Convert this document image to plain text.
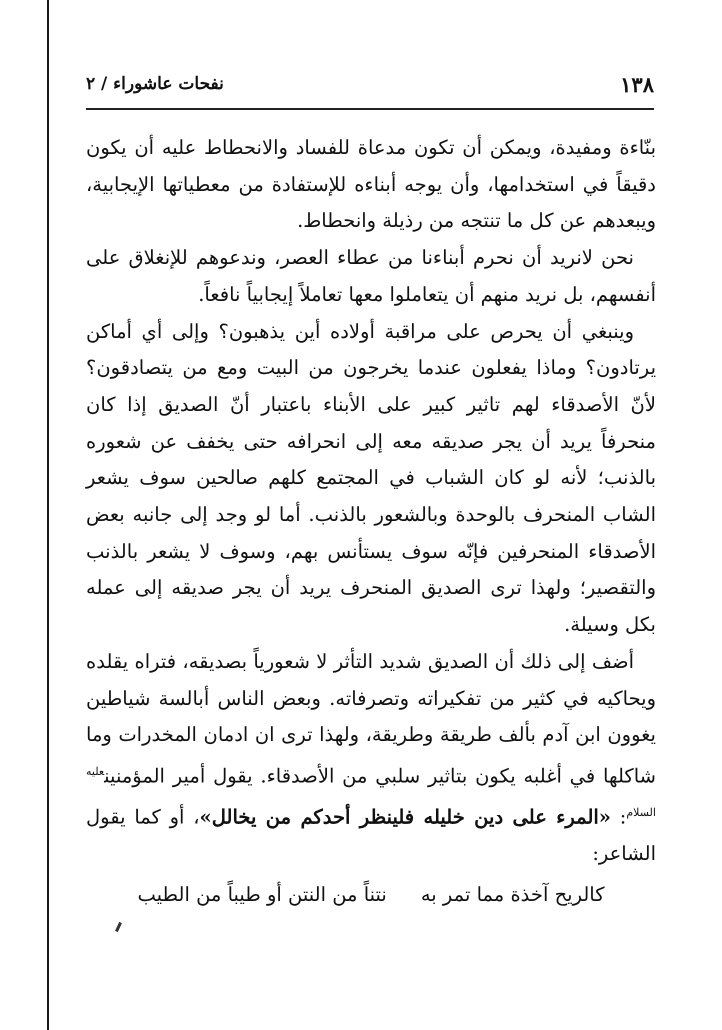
١٣٨
نفحات عاشوراء / ٢

بنّاءة ومفيدة، ويمكن أن تكون مدعاة للفساد والانحطاط عليه أن يكون دقيقاً في استخدامها، وأن يوجه أبناءه للإستفادة من معطياتها الإيجابية، ويبعدهم عن كل ما تنتجه من رذيلة وانحطاط.

نحن لانريد أن نحرم أبناءنا من عطاء العصر، وندعوهم للإنغلاق على أنفسهم، بل نريد منهم أن يتعاملوا معها تعاملاً إيجابياً نافعاً.

وينبغي أن يحرص على مراقبة أولاده أين يذهبون؟ وإلى أي أماكن يرتادون؟ وماذا يفعلون عندما يخرجون من البيت ومع من يتصادقون؟ لأنّ الأصدقاء لهم تاثير كبير على الأبناء باعتبار أنّ الصديق إذا كان منحرفاً يريد أن يجر صديقه معه إلى انحرافه حتى يخفف عن شعوره بالذنب؛ لأنه لو كان الشباب في المجتمع كلهم صالحين سوف يشعر الشاب المنحرف بالوحدة وبالشعور بالذنب. أما لو وجد إلى جانبه بعض الأصدقاء المنحرفين فإنّه سوف يستأنس بهم، وسوف لا يشعر بالذنب والتقصير؛ ولهذا ترى الصديق المنحرف يريد أن يجر صديقه إلى عمله بكل وسيلة.

أضف إلى ذلك أن الصديق شديد التأثر لا شعورياً بصديقه، فتراه يقلده ويحاكيه في كثير من تفكيراته وتصرفاته. وبعض الناس أبالسة شياطين يغوون ابن آدم بألف طريقة وطريقة، ولهذا ترى ان ادمان المخدرات وما شاكلها في أغلبه يكون بتاثير سلبي من الأصدقاء. يقول أمير المؤمنين$^{عليه السلام}$: «المرء على دين خليله فلينظر أحدكم من يخالل»، أو كما يقول الشاعر:

كالريح آخذة مما تمر به
نتناً من النتن أو طيباً من الطيب
